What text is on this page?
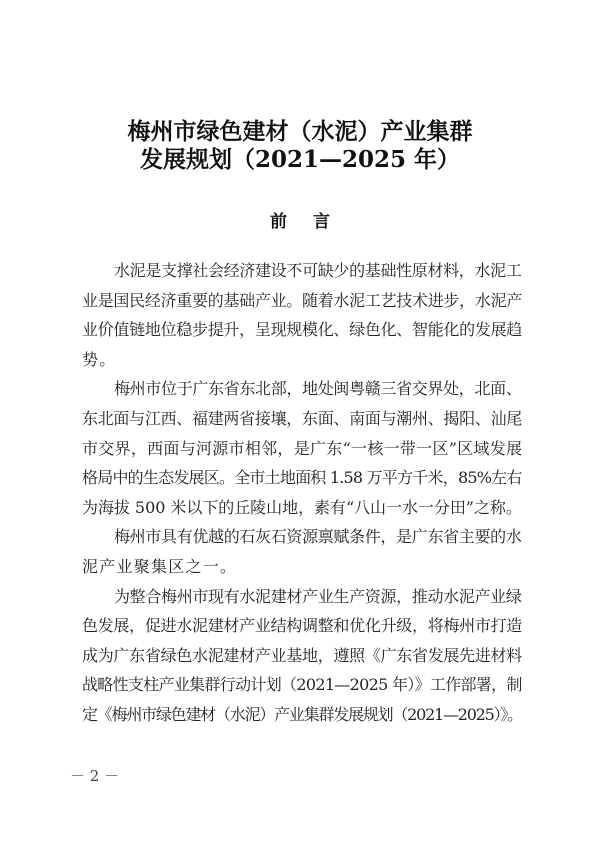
梅州市绿色建材（水泥）产业集群
发展规划（2021—2025 年）
前 言
水泥是支撑社会经济建设不可缺少的基础性原材料，水泥工
业是国民经济重要的基础产业。随着水泥工艺技术进步，水泥产
业价值链地位稳步提升，呈现规模化、绿色化、智能化的发展趋
势。
梅州市位于广东省东北部，地处闽粤赣三省交界处，北面、
东北面与江西、福建两省接壤，东面、南面与潮州、揭阳、汕尾
市交界，西面与河源市相邻，是广东“一核一带一区”区域发展
格局中的生态发展区。全市土地面积 1.58 万平方千米，85%左右
为海拔 500 米以下的丘陵山地，素有“八山一水一分田”之称。
梅州市具有优越的石灰石资源禀赋条件，是广东省主要的水
泥产业聚集区之一。
为整合梅州市现有水泥建材产业生产资源，推动水泥产业绿
色发展，促进水泥建材产业结构调整和优化升级，将梅州市打造
成为广东省绿色水泥建材产业基地，遵照《广东省发展先进材料
战略性支柱产业集群行动计划（2021—2025 年）》工作部署，制
定《梅州市绿色建材（水泥）产业集群发展规划（2021—2025）》。
－ 2 －
